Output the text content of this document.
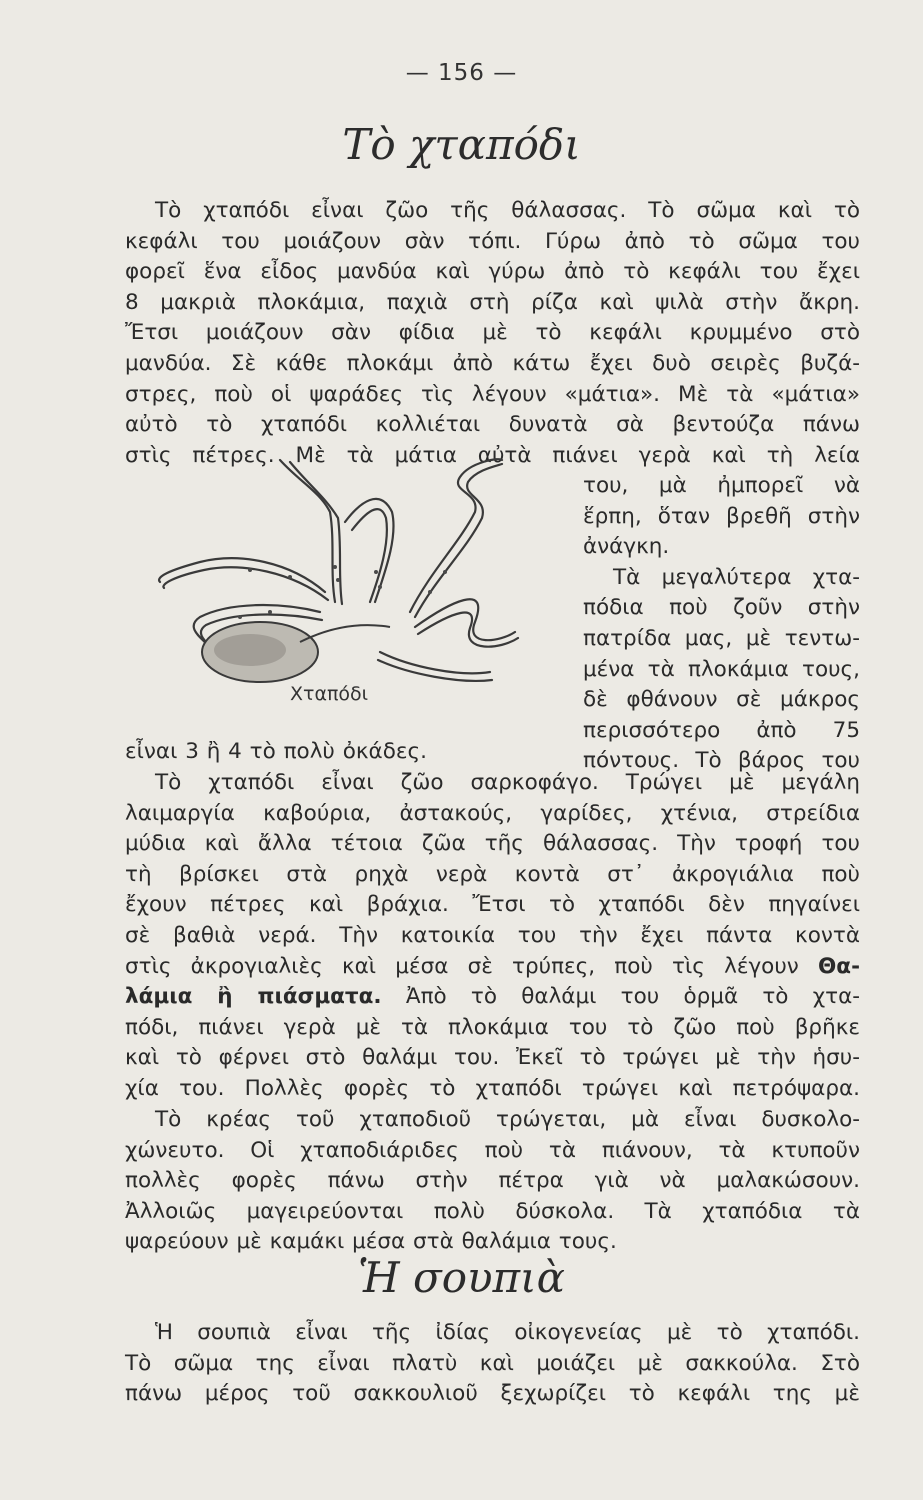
— 156 —
Τὸ χταπόδι
Τὸ χταπόδι εἶναι ζῶο τῆς θάλασσας. Τὸ σῶμα καὶ τὸ
κεφάλι του μοιάζουν σὰν τόπι. Γύρω ἀπὸ τὸ σῶμα του
φορεῖ ἕνα εἶδος μανδύα καὶ γύρω ἀπὸ τὸ κεφάλι του ἔχει
8 μακριὰ πλοκάμια, παχιὰ στὴ ρίζα καὶ ψιλὰ στὴν ἄκρη.
Ἔτσι μοιάζουν σὰν φίδια μὲ τὸ κεφάλι κρυμμένο στὸ
μανδύα. Σὲ κάθε πλοκάμι ἀπὸ κάτω ἔχει δυὸ σειρὲς βυζά-
στρες, ποὺ οἱ ψαράδες τὶς λέγουν «μάτια». Μὲ τὰ «μάτια»
αὐτὸ τὸ χταπόδι κολλιέται δυνατὰ σὰ βεντούζα πάνω
στὶς πέτρες. Μὲ τὰ μάτια αὐτὰ πιάνει γερὰ καὶ τὴ λεία
του, μὰ ἠμπορεῖ νὰ
ἕρπη, ὅταν βρεθῆ στὴν
ἀνάγκη.
Τὰ μεγαλύτερα χτα-
πόδια ποὺ ζοῦν στὴν
πατρίδα μας, μὲ τεντω-
μένα τὰ πλοκάμια τους,
δὲ φθάνουν σὲ μάκρος
περισσότερο ἀπὸ 75
πόντους. Τὸ βάρος του
Χταπόδι
εἶναι 3 ἢ 4 τὸ πολὺ ὀκάδες.
Τὸ χταπόδι εἶναι ζῶο σαρκοφάγο. Τρώγει μὲ μεγάλη
λαιμαργία καβούρια, ἀστακούς, γαρίδες, χτένια, στρείδια
μύδια καὶ ἄλλα τέτοια ζῶα τῆς θάλασσας. Τὴν τροφή του
τὴ βρίσκει στὰ ρηχὰ νερὰ κοντὰ στ᾽ ἀκρογιάλια ποὺ
ἔχουν πέτρες καὶ βράχια. Ἔτσι τὸ χταπόδι δὲν πηγαίνει
σὲ βαθιὰ νερά. Τὴν κατοικία του τὴν ἔχει πάντα κοντὰ
στὶς ἀκρογιαλιὲς καὶ μέσα σὲ τρύπες, ποὺ τὶς λέγουν Θα-
λάμια ἢ πιάσματα. Ἀπὸ τὸ θαλάμι του ὁρμᾶ τὸ χτα-
πόδι, πιάνει γερὰ μὲ τὰ πλοκάμια του τὸ ζῶο ποὺ βρῆκε
καὶ τὸ φέρνει στὸ θαλάμι του. Ἐκεῖ τὸ τρώγει μὲ τὴν ἡσυ-
χία του. Πολλὲς φορὲς τὸ χταπόδι τρώγει καὶ πετρόψαρα.
Τὸ κρέας τοῦ χταποδιοῦ τρώγεται, μὰ εἶναι δυσκολο-
χώνευτο. Οἱ χταποδιάριδες ποὺ τὰ πιάνουν, τὰ κτυποῦν
πολλὲς φορὲς πάνω στὴν πέτρα γιὰ νὰ μαλακώσουν.
Ἀλλοιῶς μαγειρεύονται πολὺ δύσκολα. Τὰ χταπόδια τὰ
ψαρεύουν μὲ καμάκι μέσα στὰ θαλάμια τους.
Ἡ σουπιὰ
Ἡ σουπιὰ εἶναι τῆς ἰδίας οἰκογενείας μὲ τὸ χταπόδι.
Τὸ σῶμα της εἶναι πλατὺ καὶ μοιάζει μὲ σακκούλα. Στὸ
πάνω μέρος τοῦ σακκουλιοῦ ξεχωρίζει τὸ κεφάλι της μὲ
